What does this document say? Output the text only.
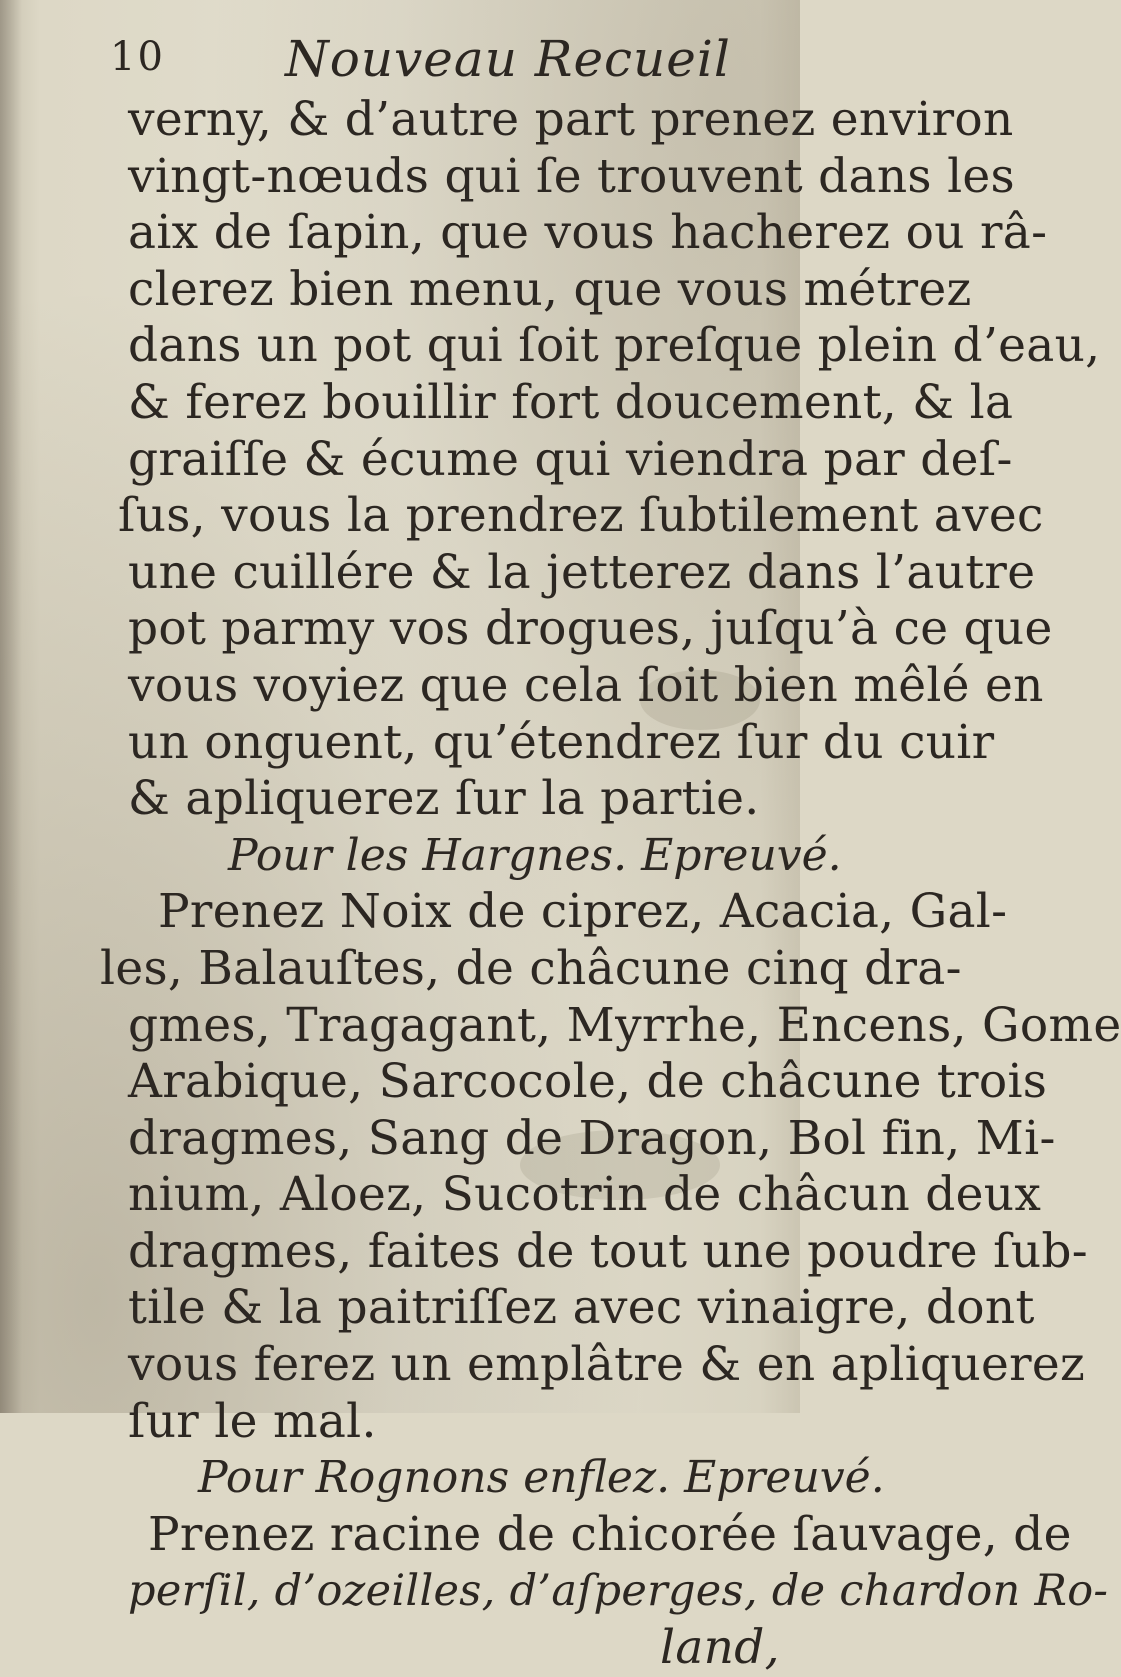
10 Nouveau Recueil
verny, & d’autre part prenez environ
vingt-nœuds qui ſe trouvent dans les
aix de ſapin, que vous hacherez ou râ-
clerez bien menu, que vous métrez
dans un pot qui ſoit preſque plein d’eau,
& ferez bouillir fort doucement, & la
graiſſe & écume qui viendra par deſ-
ſus, vous la prendrez ſubtilement avec
une cuillére & la jetterez dans l’autre
pot parmy vos drogues, juſqu’à ce que
vous voyiez que cela ſoit bien mêlé en
un onguent, qu’étendrez ſur du cuir
& apliquerez ſur la partie.
Pour les Hargnes. Epreuvé.
Prenez Noix de ciprez, Acacia, Gal-
les, Balauſtes, de châcune cinq dra-
gmes, Tragagant, Myrrhe, Encens, Gome
Arabique, Sarcocole, de châcune trois
dragmes, Sang de Dragon, Bol fin, Mi-
nium, Aloez, Sucotrin de châcun deux
dragmes, faites de tout une poudre ſub-
tile & la paitriſſez avec vinaigre, dont
vous ferez un emplâtre & en apliquerez
ſur le mal.
Pour Rognons enflez. Epreuvé.
Prenez racine de chicorée ſauvage, de
perſil, d’ozeilles, d’aſperges, de chardon Ro-
land,
